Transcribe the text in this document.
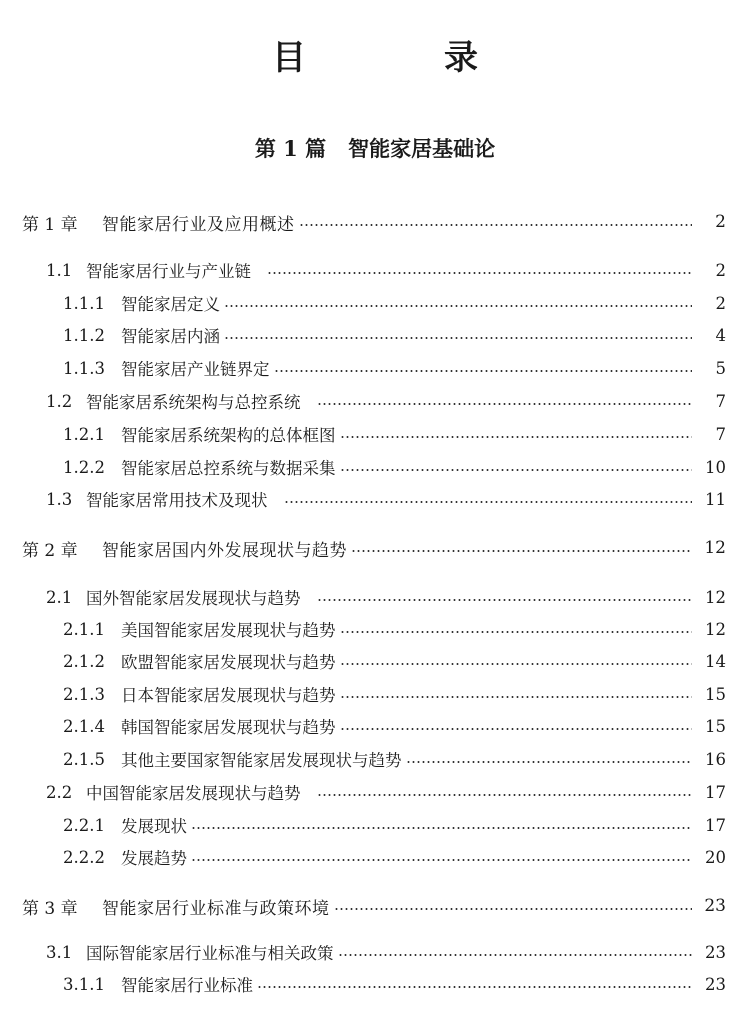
目　录
第 1 篇 智能家居基础论
第 1 章	智能家居行业及应用概述	2
1.1 智能家居行业与产业链	2
1.1.1 智能家居定义	2
1.1.2 智能家居内涵	4
1.1.3 智能家居产业链界定	5
1.2 智能家居系统架构与总控系统	7
1.2.1 智能家居系统架构的总体框图	7
1.2.2 智能家居总控系统与数据采集	10
1.3 智能家居常用技术及现状	11
第 2 章	智能家居国内外发展现状与趋势	12
2.1 国外智能家居发展现状与趋势	12
2.1.1 美国智能家居发展现状与趋势	12
2.1.2 欧盟智能家居发展现状与趋势	14
2.1.3 日本智能家居发展现状与趋势	15
2.1.4 韩国智能家居发展现状与趋势	15
2.1.5 其他主要国家智能家居发展现状与趋势	16
2.2 中国智能家居发展现状与趋势	17
2.2.1 发展现状	17
2.2.2 发展趋势	20
第 3 章	智能家居行业标准与政策环境	23
3.1 国际智能家居行业标准与相关政策	23
3.1.1 智能家居行业标准	23
